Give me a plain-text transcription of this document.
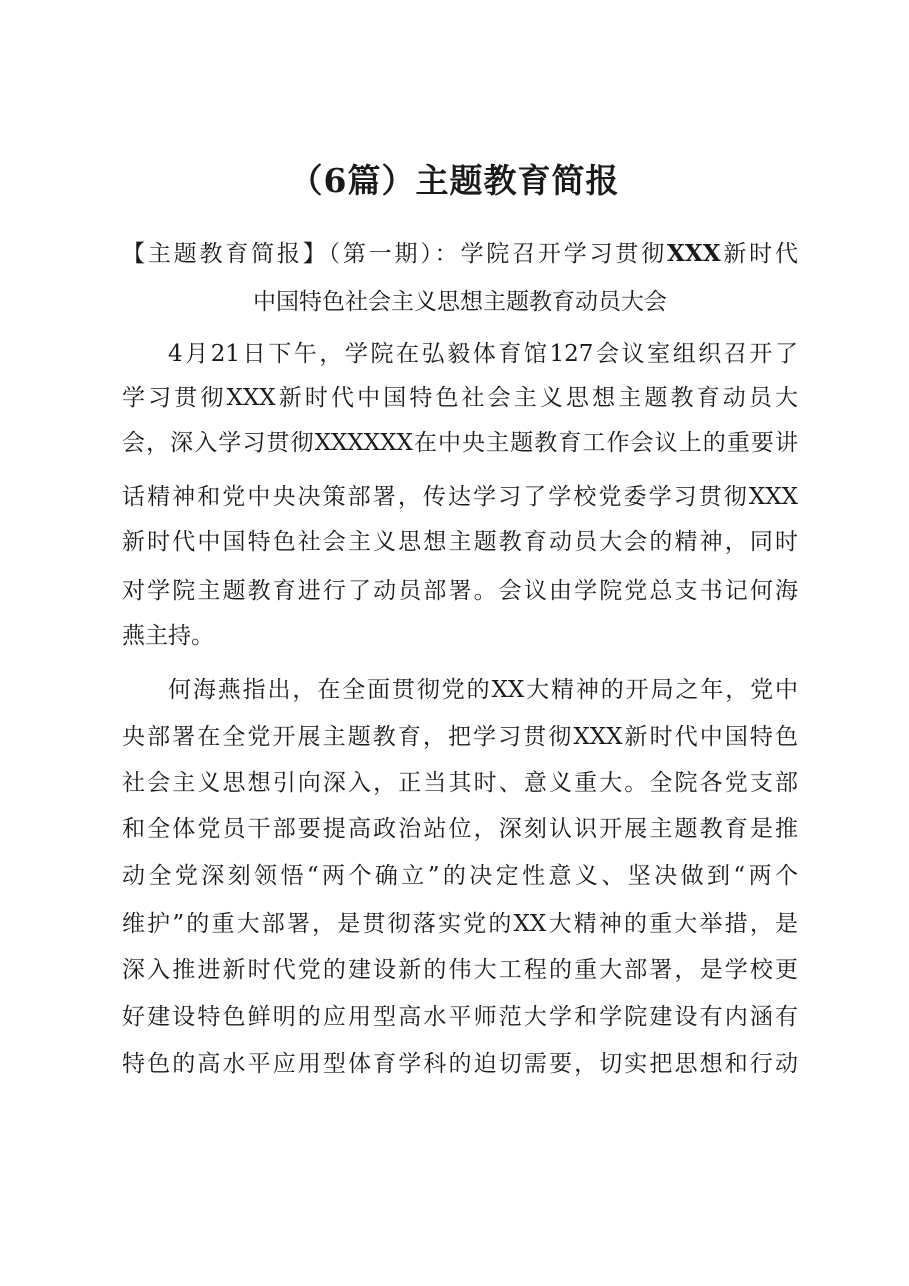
（6篇）主题教育简报
【主题教育简报】（第一期）：学院召开学习贯彻XXX新时代
中国特色社会主义思想主题教育动员大会
4月21日下午，学院在弘毅体育馆127会议室组织召开了
学习贯彻XXX新时代中国特色社会主义思想主题教育动员大
会，深入学习贯彻XXXXXX在中央主题教育工作会议上的重要讲
话精神和党中央决策部署，传达学习了学校党委学习贯彻XXX
新时代中国特色社会主义思想主题教育动员大会的精神，同时
对学院主题教育进行了动员部署。会议由学院党总支书记何海
燕主持。
何海燕指出，在全面贯彻党的XX大精神的开局之年，党中
央部署在全党开展主题教育，把学习贯彻XXX新时代中国特色
社会主义思想引向深入，正当其时、意义重大。全院各党支部
和全体党员干部要提高政治站位，深刻认识开展主题教育是推
动全党深刻领悟“两个确立”的决定性意义、坚决做到“两个
维护”的重大部署，是贯彻落实党的XX大精神的重大举措，是
深入推进新时代党的建设新的伟大工程的重大部署，是学校更
好建设特色鲜明的应用型高水平师范大学和学院建设有内涵有
特色的高水平应用型体育学科的迫切需要，切实把思想和行动
